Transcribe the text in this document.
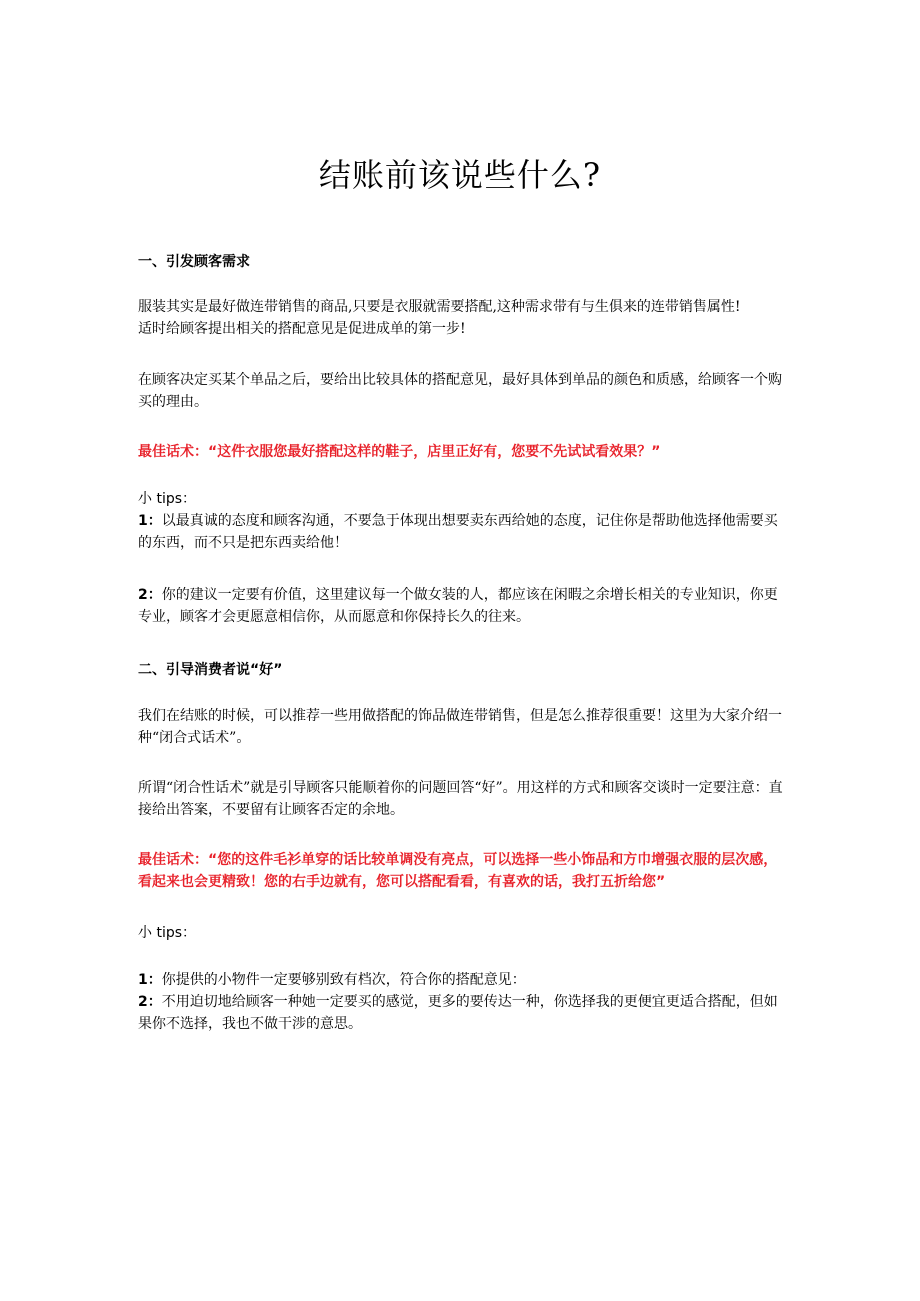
结账前该说些什么?
一、引发顾客需求

服装其实是最好做连带销售的商品,只要是衣服就需要搭配,这种需求带有与生俱来的连带销售属性!

适时给顾客提出相关的搭配意见是促进成单的第一步!

在顾客决定买某个单品之后，要给出比较具体的搭配意见，最好具体到单品的颜色和质感，给顾客一个购买的理由。
最佳话术：“这件衣服您最好搭配这样的鞋子，店里正好有，您要不先试试看效果？”

小 tips：

1：以最真诚的态度和顾客沟通，不要急于体现出想要卖东西给她的态度，记住你是帮助他选择他需要买的东西，而不只是把东西卖给他！

2：你的建议一定要有价值，这里建议每一个做女装的人，都应该在闲暇之余增长相关的专业知识，你更专业，顾客才会更愿意相信你，从而愿意和你保持长久的往来。

二、引导消费者说“好”
我们在结账的时候，可以推荐一些用做搭配的饰品做连带销售，但是怎么推荐很重要！这里为大家介绍一种“闭合式话术”。
所谓“闭合性话术”就是引导顾客只能顺着你的问题回答“好”。用这样的方式和顾客交谈时一定要注意：直接给出答案，不要留有让顾客否定的余地。
最佳话术：“您的这件毛衫单穿的话比较单调没有亮点，可以选择一些小饰品和方巾增强衣服的层次感，看起来也会更精致！您的右手边就有，您可以搭配看看，有喜欢的话，我打五折给您”
小 tips：

1：你提供的小物件一定要够别致有档次，符合你的搭配意见：

2：不用迫切地给顾客一种她一定要买的感觉，更多的要传达一种，你选择我的更便宜更适合搭配，但如果你不选择，我也不做干涉的意思。
